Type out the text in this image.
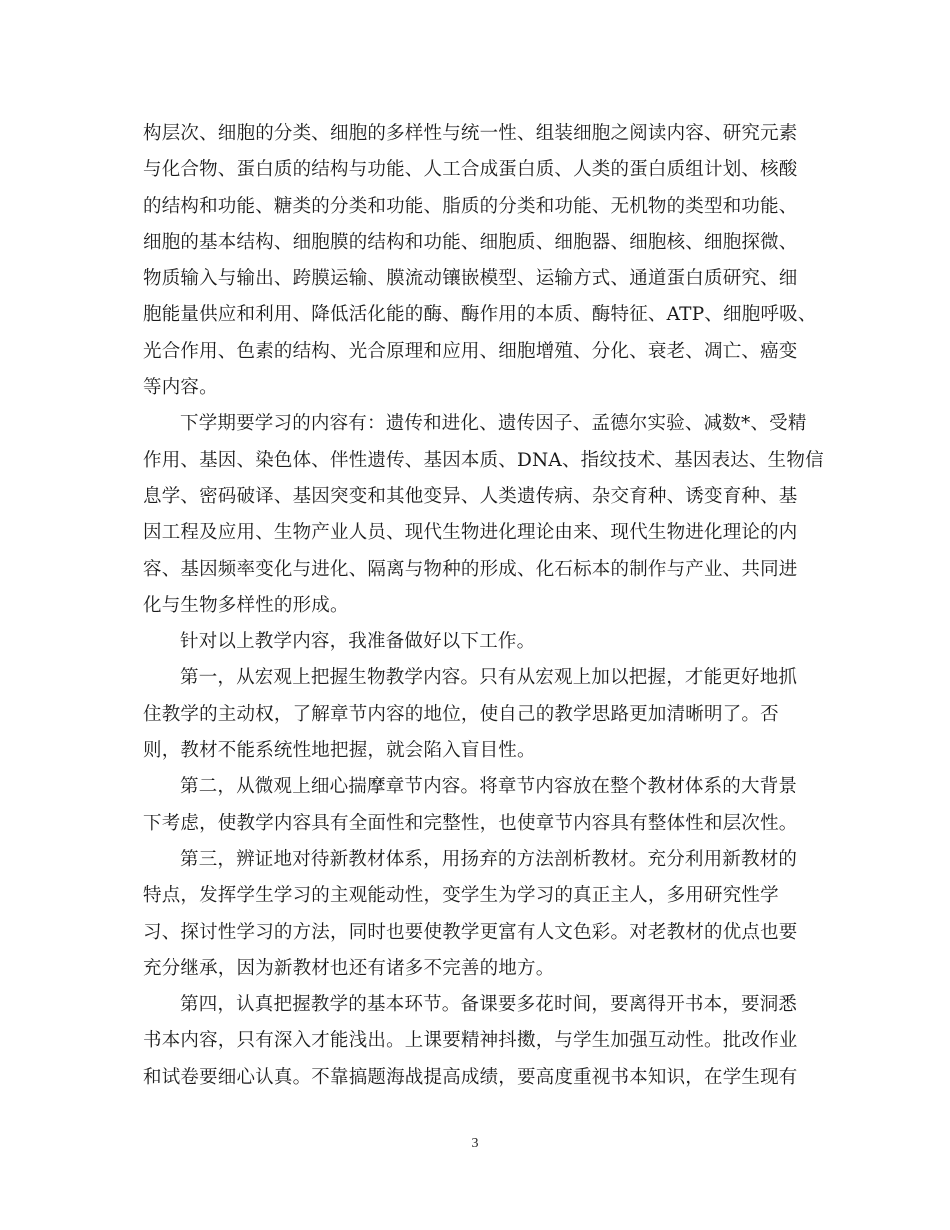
构层次、细胞的分类、细胞的多样性与统一性、组装细胞之阅读内容、研究元素
与化合物、蛋白质的结构与功能、人工合成蛋白质、人类的蛋白质组计划、核酸
的结构和功能、糖类的分类和功能、脂质的分类和功能、无机物的类型和功能、
细胞的基本结构、细胞膜的结构和功能、细胞质、细胞器、细胞核、细胞探微、
物质输入与输出、跨膜运输、膜流动镶嵌模型、运输方式、通道蛋白质研究、细
胞能量供应和利用、降低活化能的酶、酶作用的本质、酶特征、ATP、细胞呼吸、
光合作用、色素的结构、光合原理和应用、细胞增殖、分化、衰老、凋亡、癌变
等内容。
下学期要学习的内容有：遗传和进化、遗传因子、孟德尔实验、减数*、受精
作用、基因、染色体、伴性遗传、基因本质、DNA、指纹技术、基因表达、生物信
息学、密码破译、基因突变和其他变异、人类遗传病、杂交育种、诱变育种、基
因工程及应用、生物产业人员、现代生物进化理论由来、现代生物进化理论的内
容、基因频率变化与进化、隔离与物种的形成、化石标本的制作与产业、共同进
化与生物多样性的形成。
针对以上教学内容，我准备做好以下工作。
第一，从宏观上把握生物教学内容。只有从宏观上加以把握，才能更好地抓
住教学的主动权，了解章节内容的地位，使自己的教学思路更加清晰明了。否
则，教材不能系统性地把握，就会陷入盲目性。
第二，从微观上细心揣摩章节内容。将章节内容放在整个教材体系的大背景
下考虑，使教学内容具有全面性和完整性，也使章节内容具有整体性和层次性。
第三，辨证地对待新教材体系，用扬弃的方法剖析教材。充分利用新教材的
特点，发挥学生学习的主观能动性，变学生为学习的真正主人，多用研究性学
习、探讨性学习的方法，同时也要使教学更富有人文色彩。对老教材的优点也要
充分继承，因为新教材也还有诸多不完善的地方。
第四，认真把握教学的基本环节。备课要多花时间，要离得开书本，要洞悉
书本内容，只有深入才能浅出。上课要精神抖擞，与学生加强互动性。批改作业
和试卷要细心认真。不靠搞题海战提高成绩，要高度重视书本知识，在学生现有
3
